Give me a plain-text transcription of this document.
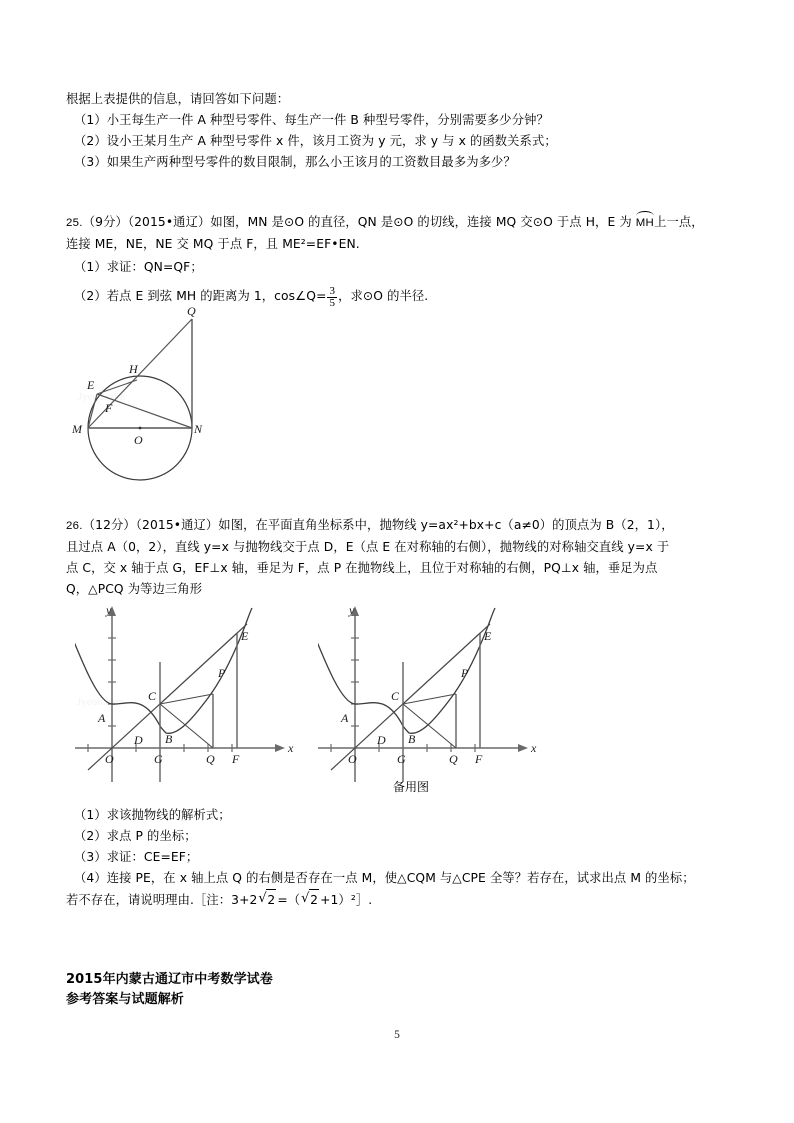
根据上表提供的信息，请回答如下问题：
（1）小王每生产一件 A 种型号零件、每生产一件 B 种型号零件，分别需要多少分钟？
（2）设小王某月生产 A 种型号零件 x 件，该月工资为 y 元，求 y 与 x 的函数关系式；
（3）如果生产两种型号零件的数目限制，那么小王该月的工资数目最多为多少？
25.（9分）（2015•通辽）如图，MN 是⊙O 的直径，QN 是⊙O 的切线，连接 MQ 交⊙O 于点 H，E 为 MH上一点，
连接 ME，NE，NE 交 MQ 于点 F，且 ME²=EF•EN.
（1）求证：QN=QF；
（2）若点 E 到弦 MH 的距离为 1，cos∠Q= $\frac{3}{5}$ ，求⊙O 的半径.
Jyeoo.com
Q
H
E
F
M
O
N
26.（12分）（2015•通辽）如图，在平面直角坐标系中，抛物线 y=ax²+bx+c（a≠0）的顶点为 B（2，1），
且过点 A（0，2），直线 y=x 与抛物线交于点 D，E（点 E 在对称轴的右侧），抛物线的对称轴交直线 y=x 于
点 C，交 x 轴于点 G，EF⊥x 轴，垂足为 F，点 P 在抛物线上，且位于对称轴的右侧，PQ⊥x 轴，垂足为点
Q，△PCQ 为等边三角形
Jyeoo.com
y
x
A
C
D B
O	G	Q F
P
E
y
x
A
C
D B
O	G	Q F
P
E
备用图
（1）求该抛物线的解析式；
（2）求点 P 的坐标；
（3）求证：CE=EF；
（4）连接 PE，在 x 轴上点 Q 的右侧是否存在一点 M，使△CQM 与△CPE 全等？若存在，试求出点 M 的坐标；
若不存在，请说明理由.［注：3+2 √ 2 =（ √ 2 +1）²］.
2015年内蒙古通辽市中考数学试卷
参考答案与试题解析
5
